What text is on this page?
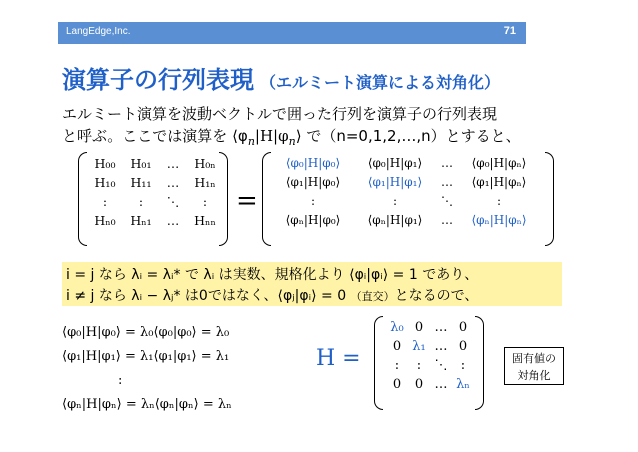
LangEdge,Inc.	71
演算子の行列表現 （エルミート演算による対角化）
エルミート演算を波動ベクトルで囲った行列を演算子の行列表現
と呼ぶ。ここでは演算を $⟨\varphi_n|H|\varphi_n⟩$ で（n=0,1,2,…,n）とすると、
H₀₀	H₀₁	…	H₀ₙ
H₁₀	H₁₁	…	H₁ₙ
:	:	⋱	:
Hₙ₀	Hₙ₁	…	Hₙₙ
=
⟨φ₀|H|φ₀⟩	⟨φ₀|H|φ₁⟩	…	⟨φ₀|H|φₙ⟩
⟨φ₁|H|φ₀⟩	⟨φ₁|H|φ₁⟩	…	⟨φ₁|H|φₙ⟩
:	:	⋱	:
⟨φₙ|H|φ₀⟩	⟨φₙ|H|φ₁⟩	…	⟨φₙ|H|φₙ⟩
i = j なら λᵢ = λᵢ* で λᵢ は実数、規格化より ⟨φᵢ|φᵢ⟩ = 1 であり、
i ≠ j なら λᵢ − λⱼ* は0ではなく、⟨φⱼ|φᵢ⟩ = 0 （直交）となるので、
⟨φ₀|H|φ₀⟩ = λ₀⟨φ₀|φ₀⟩ = λ₀
⟨φ₁|H|φ₁⟩ = λ₁⟨φ₁|φ₁⟩ = λ₁
:
⟨φₙ|H|φₙ⟩ = λₙ⟨φₙ|φₙ⟩ = λₙ
H =
λ₀ 0 … 0
0 λ₁ … 0
:	:	⋱	:
0	0 … λₙ
固有値の
対角化
